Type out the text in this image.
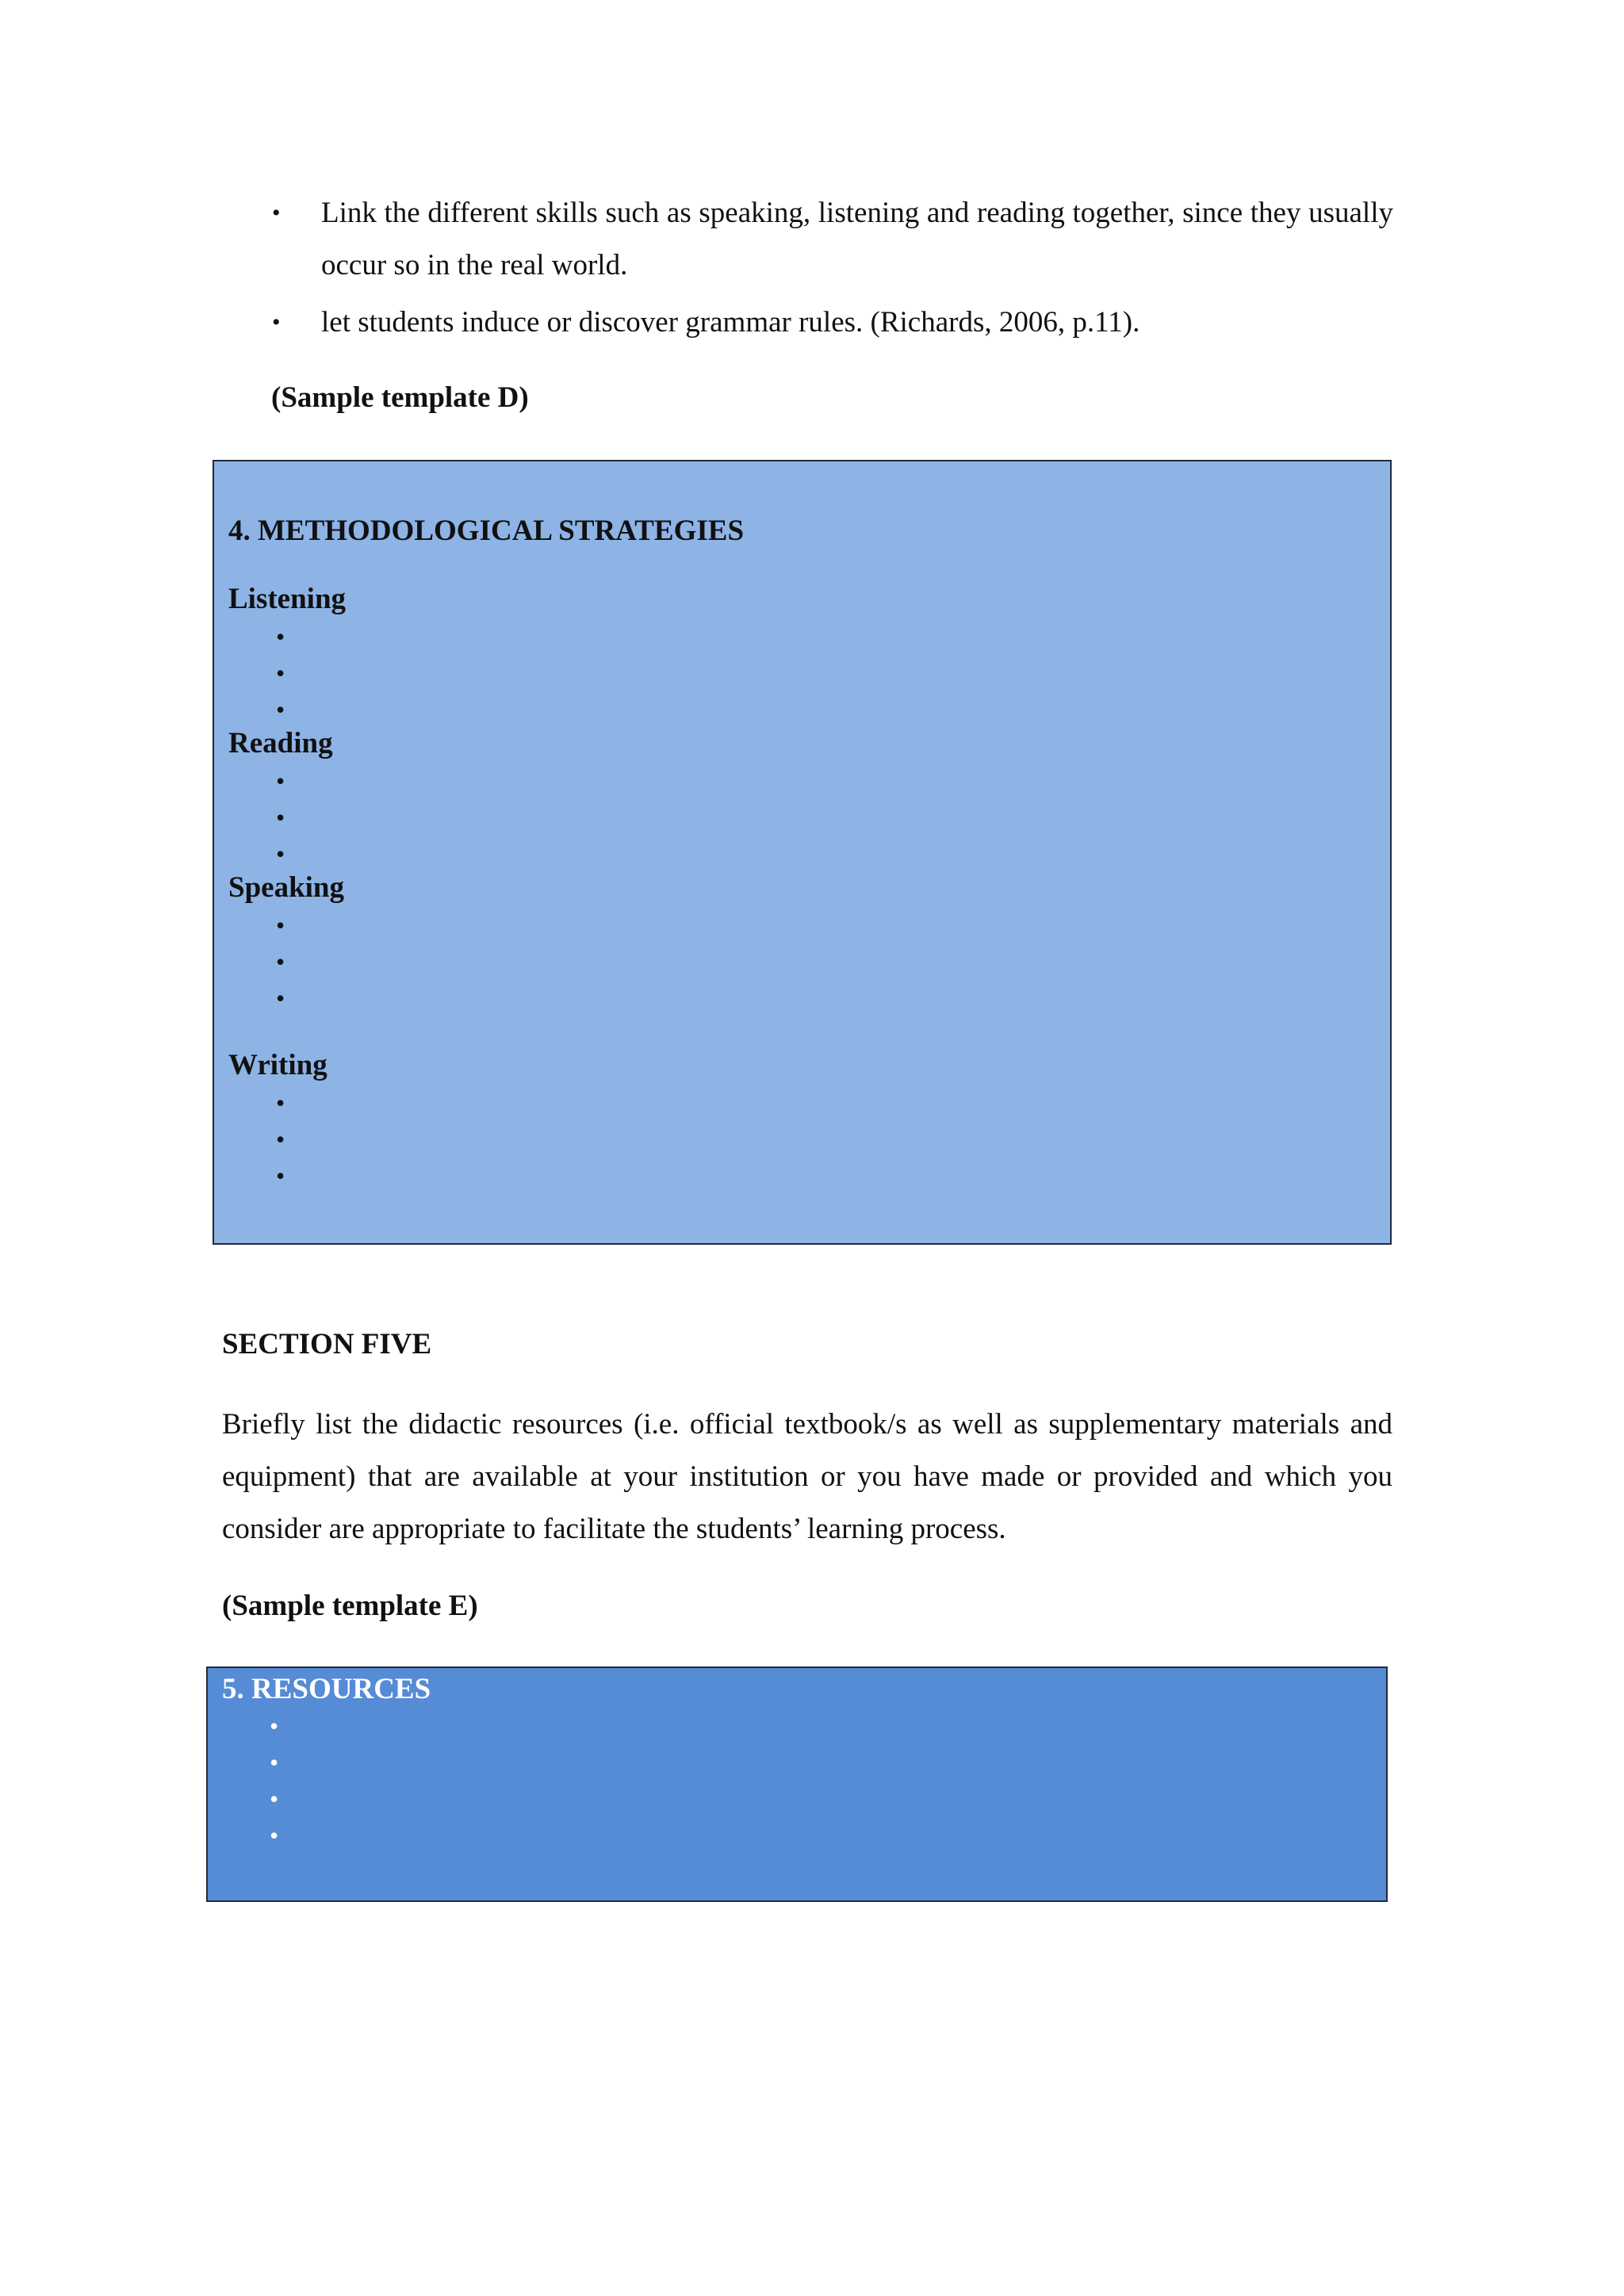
• Link the different skills such as speaking, listening and reading together, since they usually occur so in the real world.
• let students induce or discover grammar rules. (Richards, 2006, p.11).
(Sample template D)
4. METHODOLOGICAL STRATEGIES
Listening
•
•
•
Reading
•
•
•
Speaking
•
•
•
Writing
•
•
•
SECTION FIVE

Briefly list the didactic resources (i.e. official textbook/s as well as supplementary materials and equipment) that are available at your institution or you have made or provided and which you consider are appropriate to facilitate the students’ learning process.

(Sample template E)
5. RESOURCES
•
•
•
•
